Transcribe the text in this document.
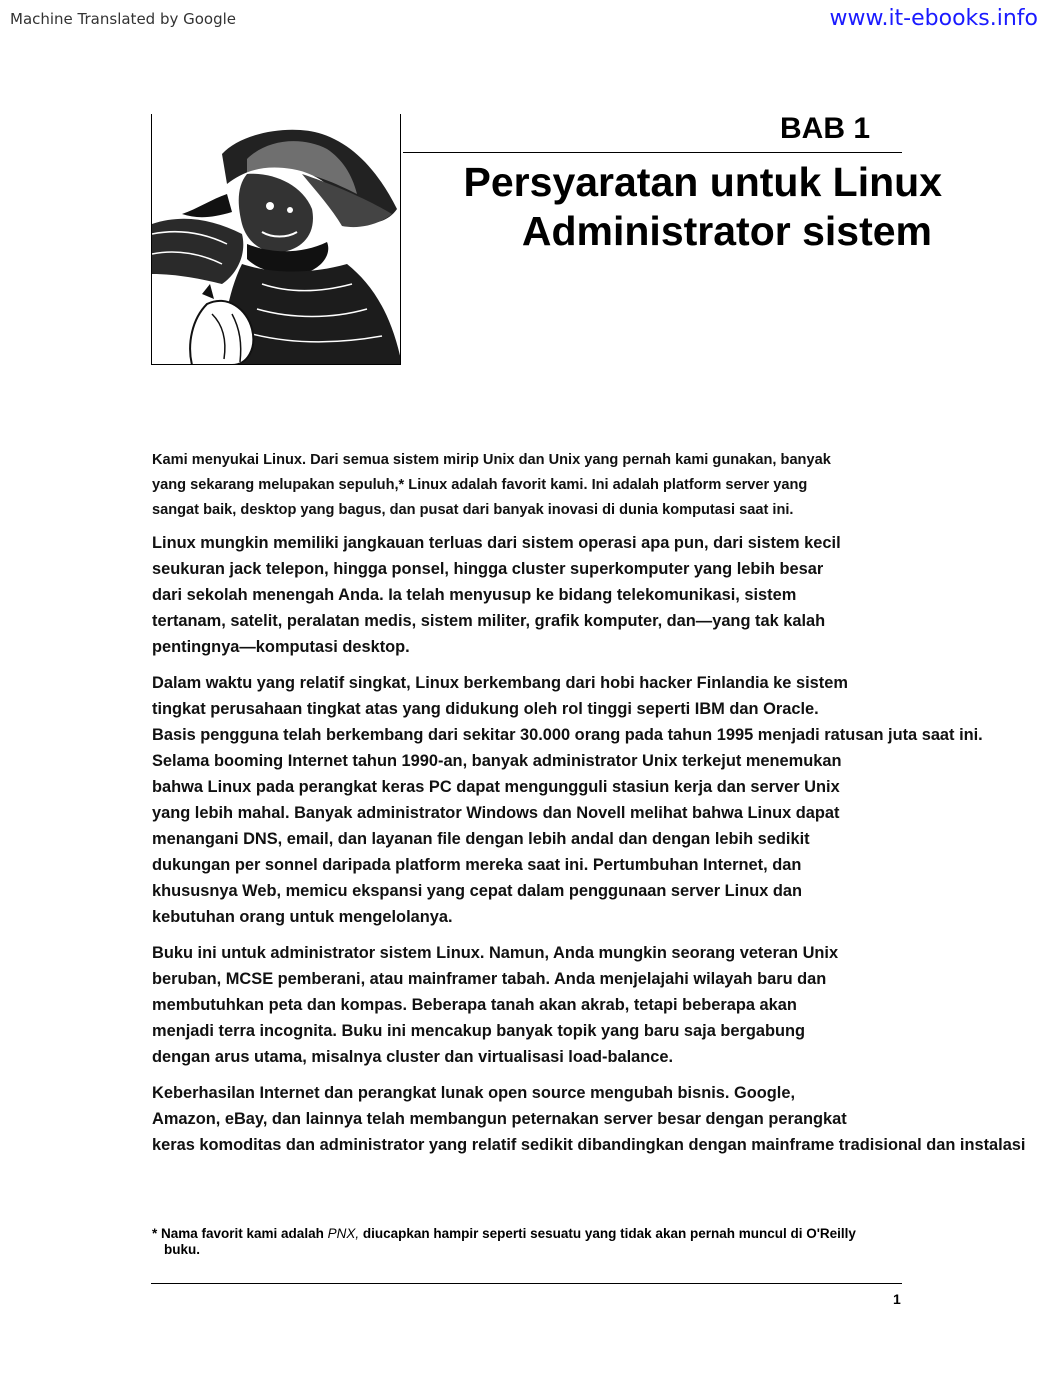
Machine Translated by Google	www.it-ebooks.info
BAB 1
Persyaratan untuk Linux
Administrator sistem

Kami menyukai Linux. Dari semua sistem mirip Unix dan Unix yang pernah kami gunakan, banyak
yang sekarang melupakan sepuluh,* Linux adalah favorit kami. Ini adalah platform server yang
sangat baik, desktop yang bagus, dan pusat dari banyak inovasi di dunia komputasi saat ini.

Linux mungkin memiliki jangkauan terluas dari sistem operasi apa pun, dari sistem kecil
seukuran jack telepon, hingga ponsel, hingga cluster superkomputer yang lebih besar
dari sekolah menengah Anda. Ia telah menyusup ke bidang telekomunikasi, sistem
tertanam, satelit, peralatan medis, sistem militer, grafik komputer, dan—yang tak kalah
pentingnya—komputasi desktop.

Dalam waktu yang relatif singkat, Linux berkembang dari hobi hacker Finlandia ke sistem
tingkat perusahaan tingkat atas yang didukung oleh rol tinggi seperti IBM dan Oracle.
Basis pengguna telah berkembang dari sekitar 30.000 orang pada tahun 1995 menjadi ratusan juta saat ini.
Selama booming Internet tahun 1990-an, banyak administrator Unix terkejut menemukan
bahwa Linux pada perangkat keras PC dapat mengungguli stasiun kerja dan server Unix
yang lebih mahal. Banyak administrator Windows dan Novell melihat bahwa Linux dapat
menangani DNS, email, dan layanan file dengan lebih andal dan dengan lebih sedikit
dukungan per sonnel daripada platform mereka saat ini. Pertumbuhan Internet, dan
khususnya Web, memicu ekspansi yang cepat dalam penggunaan server Linux dan
kebutuhan orang untuk mengelolanya.

Buku ini untuk administrator sistem Linux. Namun, Anda mungkin seorang veteran Unix
beruban, MCSE pemberani, atau mainframer tabah. Anda menjelajahi wilayah baru dan
membutuhkan peta dan kompas. Beberapa tanah akan akrab, tetapi beberapa akan
menjadi terra incognita. Buku ini mencakup banyak topik yang baru saja bergabung
dengan arus utama, misalnya cluster dan virtualisasi load-balance.

Keberhasilan Internet dan perangkat lunak open source mengubah bisnis. Google,
Amazon, eBay, dan lainnya telah membangun peternakan server besar dengan perangkat
keras komoditas dan administrator yang relatif sedikit dibandingkan dengan mainframe tradisional dan instalasi

* Nama favorit kami adalah PNX, diucapkan hampir seperti sesuatu yang tidak akan pernah muncul di O'Reilly
buku.
1
